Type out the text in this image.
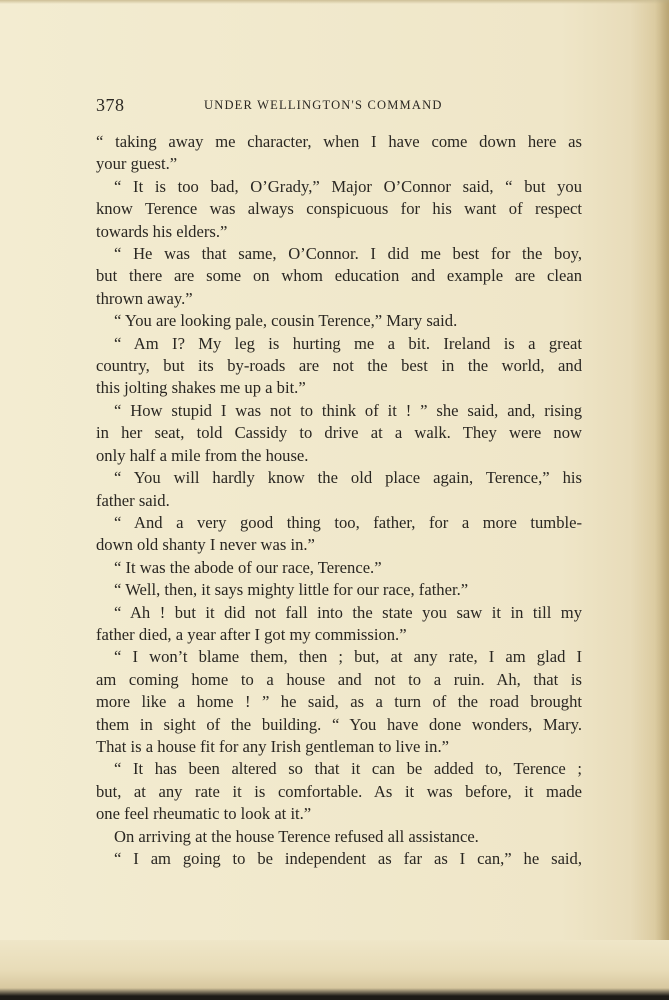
378	UNDER WELLINGTON'S COMMAND
“ taking away me character, when I have come down here as
your guest.”
“ It is too bad, O’Grady,” Major O’Connor said, “ but you
know Terence was always conspicuous for his want of respect
towards his elders.”
“ He was that same, O’Connor. I did me best for the boy,
but there are some on whom education and example are clean
thrown away.”
“ You are looking pale, cousin Terence,” Mary said.
“ Am I? My leg is hurting me a bit. Ireland is a great
country, but its by-roads are not the best in the world, and
this jolting shakes me up a bit.”
“ How stupid I was not to think of it ! ” she said, and, rising
in her seat, told Cassidy to drive at a walk. They were now
only half a mile from the house.
“ You will hardly know the old place again, Terence,” his
father said.
“ And a very good thing too, father, for a more tumble-
down old shanty I never was in.”
“ It was the abode of our race, Terence.”
“ Well, then, it says mighty little for our race, father.”
“ Ah ! but it did not fall into the state you saw it in till my
father died, a year after I got my commission.”
“ I won’t blame them, then ; but, at any rate, I am glad I
am coming home to a house and not to a ruin. Ah, that is
more like a home ! ” he said, as a turn of the road brought
them in sight of the building. “ You have done wonders, Mary.
That is a house fit for any Irish gentleman to live in.”
“ It has been altered so that it can be added to, Terence ;
but, at any rate it is comfortable. As it was before, it made
one feel rheumatic to look at it.”
On arriving at the house Terence refused all assistance.
“ I am going to be independent as far as I can,” he said,
